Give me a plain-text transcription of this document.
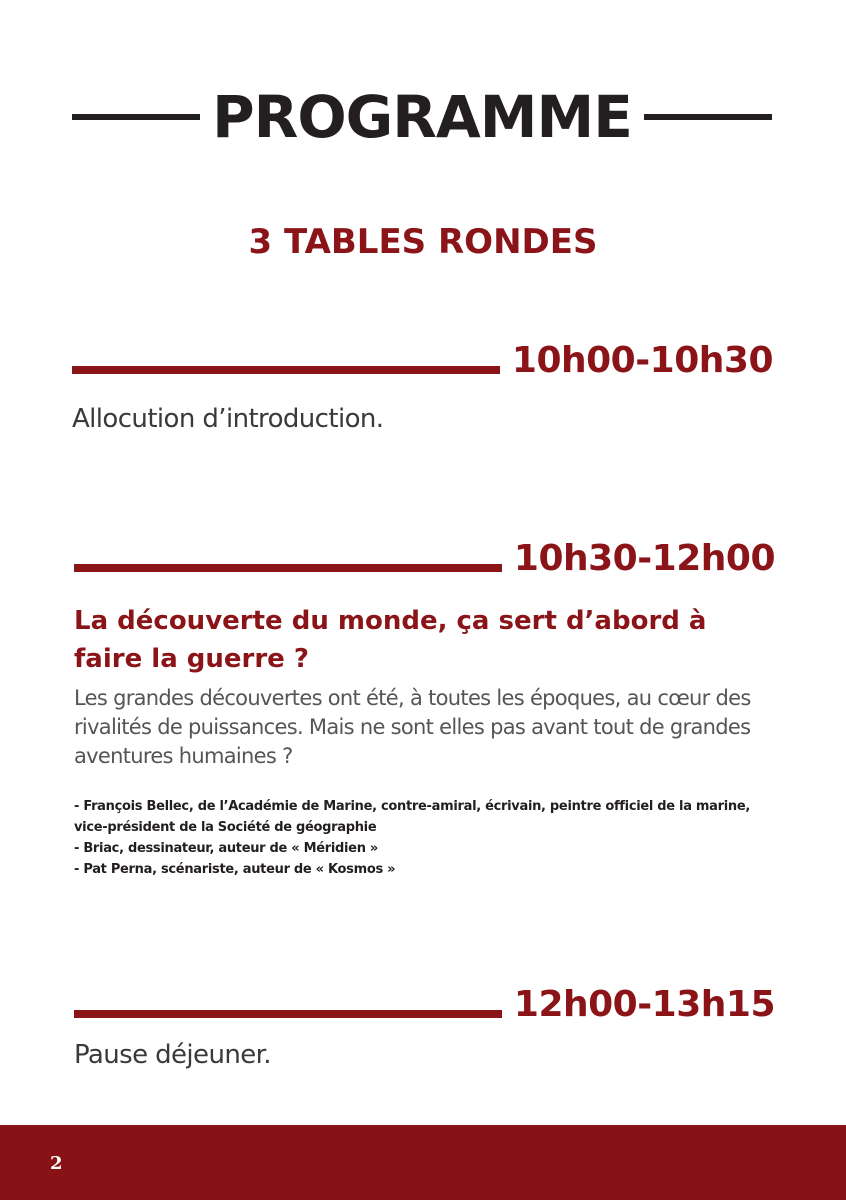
PROGRAMME
3 TABLES RONDES
10h00-10h30
Allocution d’introduction.
10h30-12h00
La découverte du monde, ça sert d’abord à
faire la guerre ?
Les grandes découvertes ont été, à toutes les époques, au cœur des
rivalités de puissances. Mais ne sont elles pas avant tout de grandes
aventures humaines ?
- François Bellec, de l’Académie de Marine, contre-amiral, écrivain, peintre officiel de la marine,
vice-président de la Société de géographie
- Briac, dessinateur, auteur de « Méridien »
- Pat Perna, scénariste, auteur de « Kosmos »
12h00-13h15
Pause déjeuner.
2
